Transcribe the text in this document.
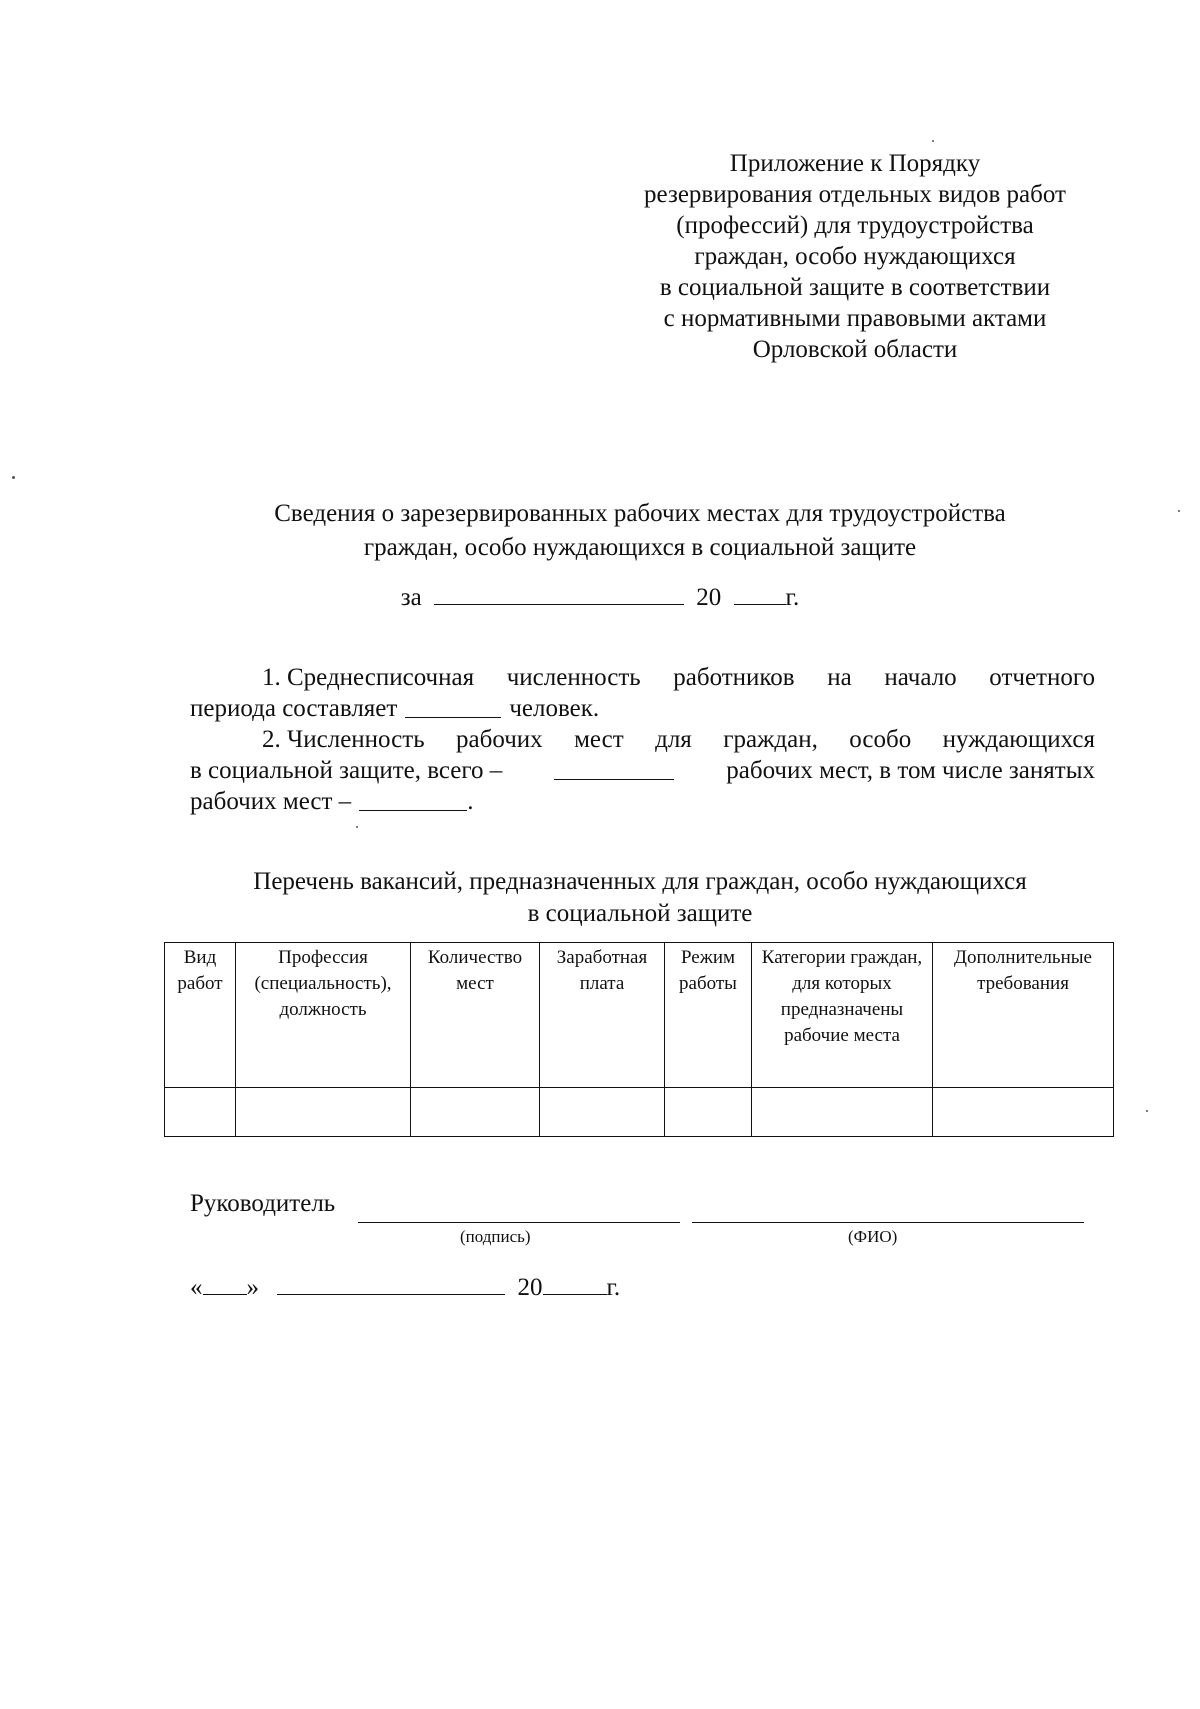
Приложение к Порядку
резервирования отдельных видов работ
(профессий) для трудоустройства
граждан, особо нуждающихся
в социальной защите в соответствии
с нормативными правовыми актами
Орловской области
Сведения о зарезервированных рабочих местах для трудоустройства
граждан, особо нуждающихся в социальной защите
за	20	г.
1. Среднесписочная численность работников на начало отчетного
периода составляет	человек.
2. Численность рабочих мест для граждан, особо нуждающихся
в социальной защите, всего –	рабочих мест, в том числе занятых
рабочих мест –	.
Перечень вакансий, предназначенных для граждан, особо нуждающихся
в социальной защите
Вид работ	Профессия (специальность), должность	Количество мест	Заработная плата	Режим работы	Категории граждан, для которых предназначены рабочие места	Дополнительные требования

Руководитель
(подпись)	(ФИО)
« »	20	г.
